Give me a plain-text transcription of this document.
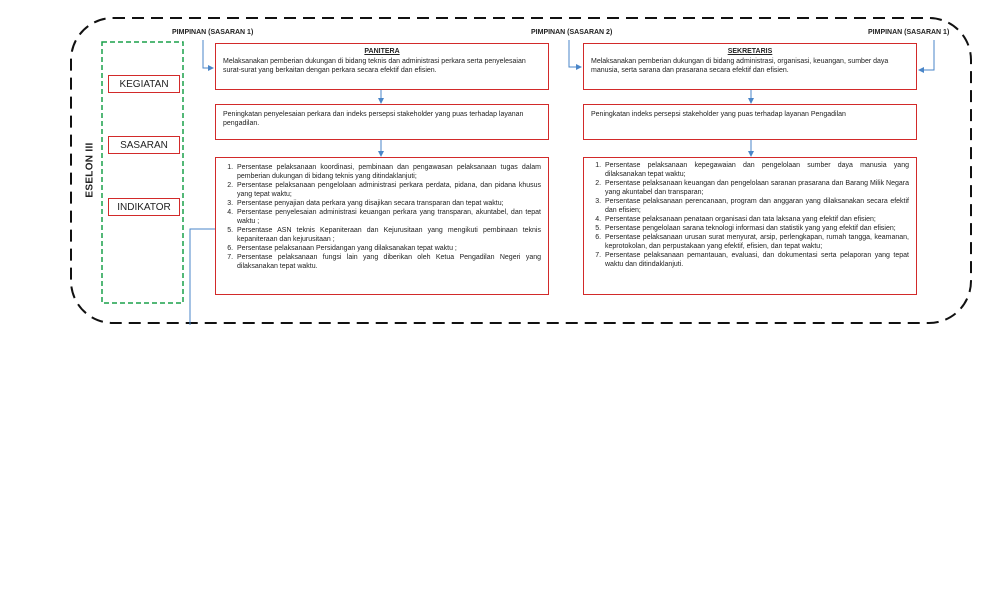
ESELON III
KEGIATAN
SASARAN
INDIKATOR
PIMPINAN (SASARAN 1)	PIMPINAN (SASARAN 2)	PIMPINAN (SASARAN 1)
PANITERA
Melaksanakan pemberian dukungan di bidang teknis dan administrasi perkara serta penyelesaian surat-surat yang berkaitan dengan perkara secara efektif dan efisien.
Peningkatan penyelesaian perkara dan indeks persepsi stakeholder yang puas terhadap layanan pengadilan.
1. Persentase pelaksanaan koordinasi, pembinaan dan pengawasan pelaksanaan tugas dalam pemberian dukungan di bidang teknis yang ditindaklanjuti;
2. Persentase pelaksanaan pengelolaan administrasi perkara perdata, pidana, dan pidana khusus yang tepat waktu;
3. Persentase penyajian data perkara yang disajikan secara transparan dan tepat waktu;
4. Persentase penyelesaian administrasi keuangan perkara yang transparan, akuntabel, dan tepat waktu ;
5. Persentase ASN teknis Kepaniteraan dan Kejurusitaan yang mengikuti pembinaan teknis kepaniteraan dan kejurusitaan ;
6. Persentase pelaksanaan Persidangan yang dilaksanakan tepat waktu ;
7. Persentase pelaksanaan fungsi lain yang diberikan oleh Ketua Pengadilan Negeri yang dilaksanakan tepat waktu.
SEKRETARIS
Melaksanakan pemberian dukungan di bidang administrasi, organisasi, keuangan, sumber daya manusia, serta sarana dan prasarana secara efektif dan efisien.
Peningkatan indeks persepsi stakeholder yang puas terhadap layanan Pengadilan
1. Persentase pelaksanaan kepegawaian dan pengelolaan sumber daya manusia yang dilaksanakan tepat waktu;
2. Persentase pelaksanaan keuangan dan pengelolaan saranan prasarana dan Barang Milik Negara yang akuntabel dan transparan;
3. Persentase pelaksanaan perencanaan, program dan anggaran yang dilaksanakan secara efektif dan efisien;
4. Persentase pelaksanaan penataan organisasi dan tata laksana yang efektif dan efisien;
5. Persentase pengelolaan sarana teknologi informasi dan statistik yang yang efektif dan efisien;
6. Persentase pelaksanaan urusan surat menyurat, arsip, perlengkapan, rumah tangga, keamanan, keprotokolan, dan perpustakaan yang efektif, efisien, dan tepat waktu;
7. Persentase pelaksanaan pemantauan, evaluasi, dan dokumentasi serta pelaporan yang tepat waktu dan ditindaklanjuti.
